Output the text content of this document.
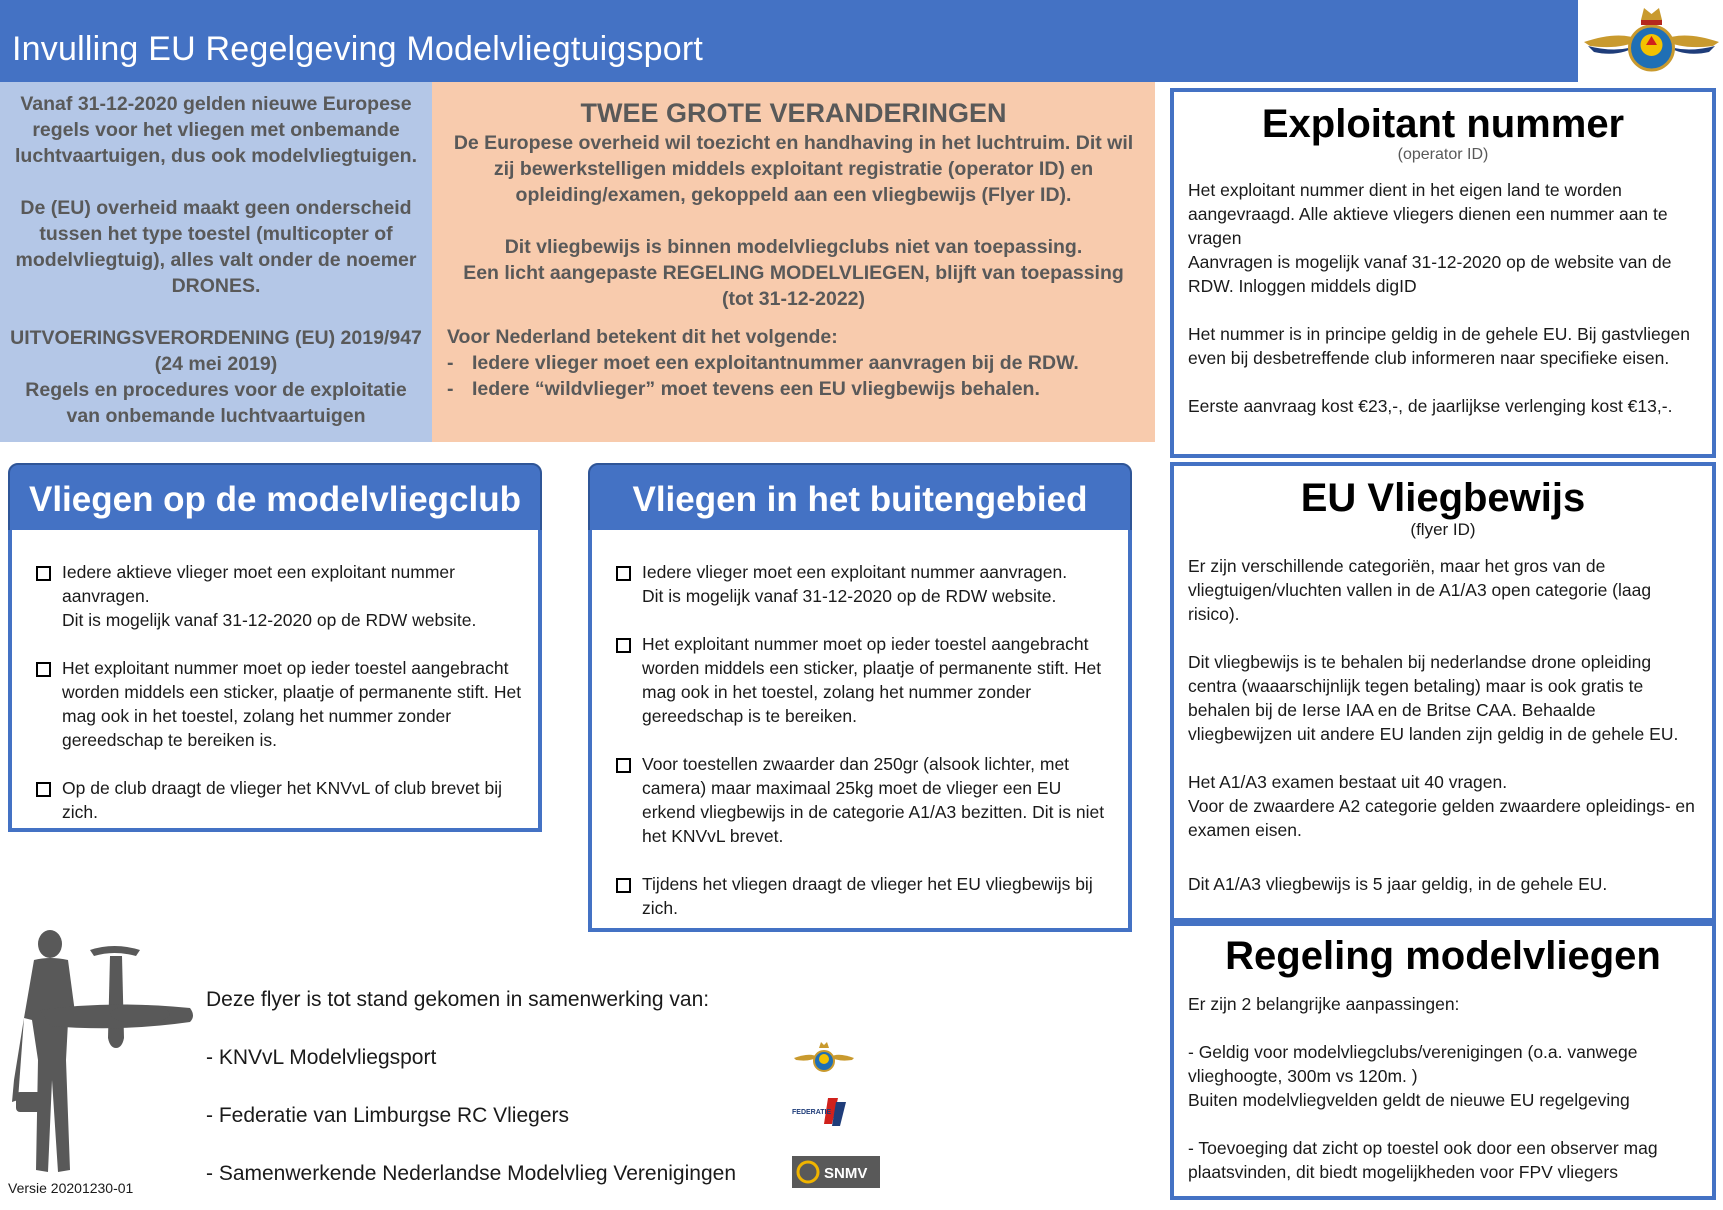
Invulling EU Regelgeving Modelvliegtuigsport

Vanaf 31-12-2020 gelden nieuwe Europese regels voor het vliegen met onbemande luchtvaartuigen, dus ook modelvliegtuigen.

De (EU) overheid maakt geen onderscheid tussen het type toestel (multicopter of modelvliegtuig), alles valt onder de noemer DRONES.

UITVOERINGSVERORDENING (EU) 2019/947

(24 mei 2019)

Regels en procedures voor de exploitatie van onbemande luchtvaartuigen

TWEE GROTE VERANDERINGEN

De Europese overheid wil toezicht en handhaving in het luchtruim. Dit wil zij bewerkstelligen middels exploitant registratie (operator ID) en opleiding/examen, gekoppeld aan een vliegbewijs (Flyer ID).

Dit vliegbewijs is binnen modelvliegclubs niet van toepassing.

Een licht aangepaste REGELING MODELVLIEGEN, blijft van toepassing

(tot 31-12-2022)

Voor Nederland betekent dit het volgende:

- Iedere vlieger moet een exploitantnummer aanvragen bij de RDW.
- Iedere “wildvlieger” moet tevens een EU vliegbewijs behalen.
Vliegen op de modelvliegclub
Iedere aktieve vlieger moet een exploitant nummer aanvragen.
Dit is mogelijk vanaf 31-12-2020 op de RDW website.
Het exploitant nummer moet op ieder toestel aangebracht worden middels een sticker, plaatje of permanente stift. Het mag ook in het toestel, zolang het nummer zonder gereedschap te bereiken is.
Op de club draagt de vlieger het KNVvL of club brevet bij zich.
Vliegen in het buitengebied
Iedere vlieger moet een exploitant nummer aanvragen.
Dit is mogelijk vanaf 31-12-2020 op de RDW website.
Het exploitant nummer moet op ieder toestel aangebracht worden middels een sticker, plaatje of permanente stift. Het mag ook in het toestel, zolang het nummer zonder gereedschap is te bereiken.
Voor toestellen zwaarder dan 250gr (alsook lichter, met camera) maar maximaal 25kg moet de vlieger een EU erkend vliegbewijs in de categorie A1/A3 bezitten. Dit is niet het KNVvL brevet.
Tijdens het vliegen draagt de vlieger het EU vliegbewijs bij zich.
Exploitant nummer
(operator ID)

Het exploitant nummer dient in het eigen land te worden aangevraagd. Alle aktieve vliegers dienen een nummer aan te vragen

Aanvragen is mogelijk vanaf 31-12-2020 op de website van de RDW. Inloggen middels digID

Het nummer is in principe geldig in de gehele EU. Bij gastvliegen even bij desbetreffende club informeren naar specifieke eisen.

Eerste aanvraag kost €23,-, de jaarlijkse verlenging kost €13,-.

EU Vliegbewijs
(flyer ID)

Er zijn verschillende categoriën, maar het gros van de vliegtuigen/vluchten vallen in de A1/A3 open categorie (laag risico).

Dit vliegbewijs is te behalen bij nederlandse drone opleiding centra (waaarschijnlijk tegen betaling) maar is ook gratis te behalen bij de Ierse IAA en de Britse CAA. Behaalde vliegbewijzen uit andere EU landen zijn geldig in de gehele EU.

Het A1/A3 examen bestaat uit 40 vragen.

Voor de zwaardere A2 categorie gelden zwaardere opleidings- en examen eisen.

Dit A1/A3 vliegbewijs is 5 jaar geldig, in de gehele EU.

Regeling modelvliegen

Er zijn 2 belangrijke aanpassingen:

- Geldig voor modelvliegclubs/verenigingen (o.a. vanwege vlieghoogte, 300m vs 120m. )

Buiten modelvliegvelden geldt de nieuwe EU regelgeving

- Toevoeging dat zicht op toestel ook door een observer mag plaatsvinden, dit biedt mogelijkheden voor FPV vliegers

Deze flyer is tot stand gekomen in samenwerking van:

- KNVvL Modelvliegsport

- Federatie van Limburgse RC Vliegers

- Samenwerkende Nederlandse Modelvlieg Verenigingen

FEDERATIE
SNMV
Versie 20201230-01
